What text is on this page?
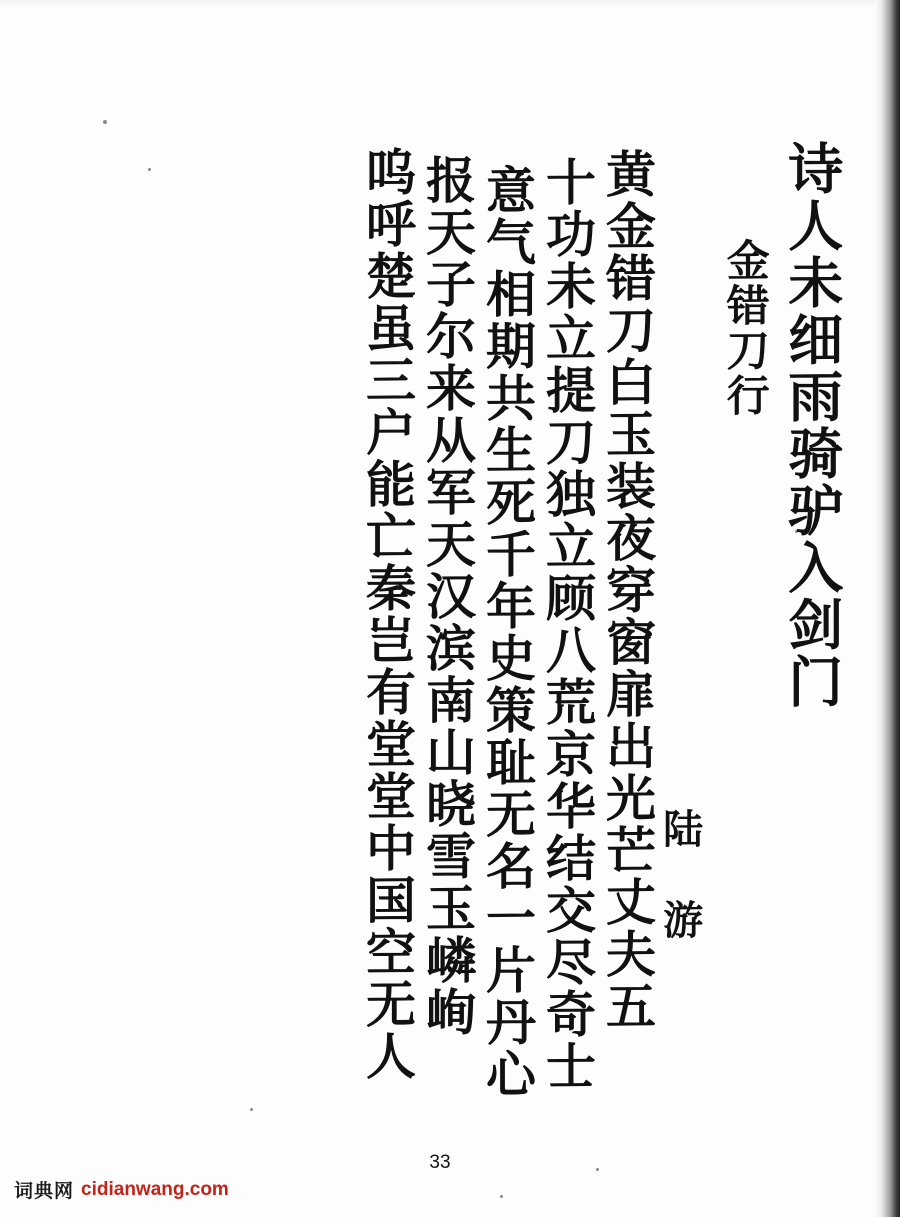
诗人未细雨骑驴入剑门
金错刀行
陆 游
黄金错刀白玉装夜穿窗扉出光芒丈夫五
十功未立提刀独立顾八荒京华结交尽奇士
意气相期共生死千年史策耻无名一片丹心
报天子尔来从军天汉滨南山晓雪玉嶙峋
呜呼楚虽三户能亡秦岂有堂堂中国空无人
33
词典网 cidianwang.com
